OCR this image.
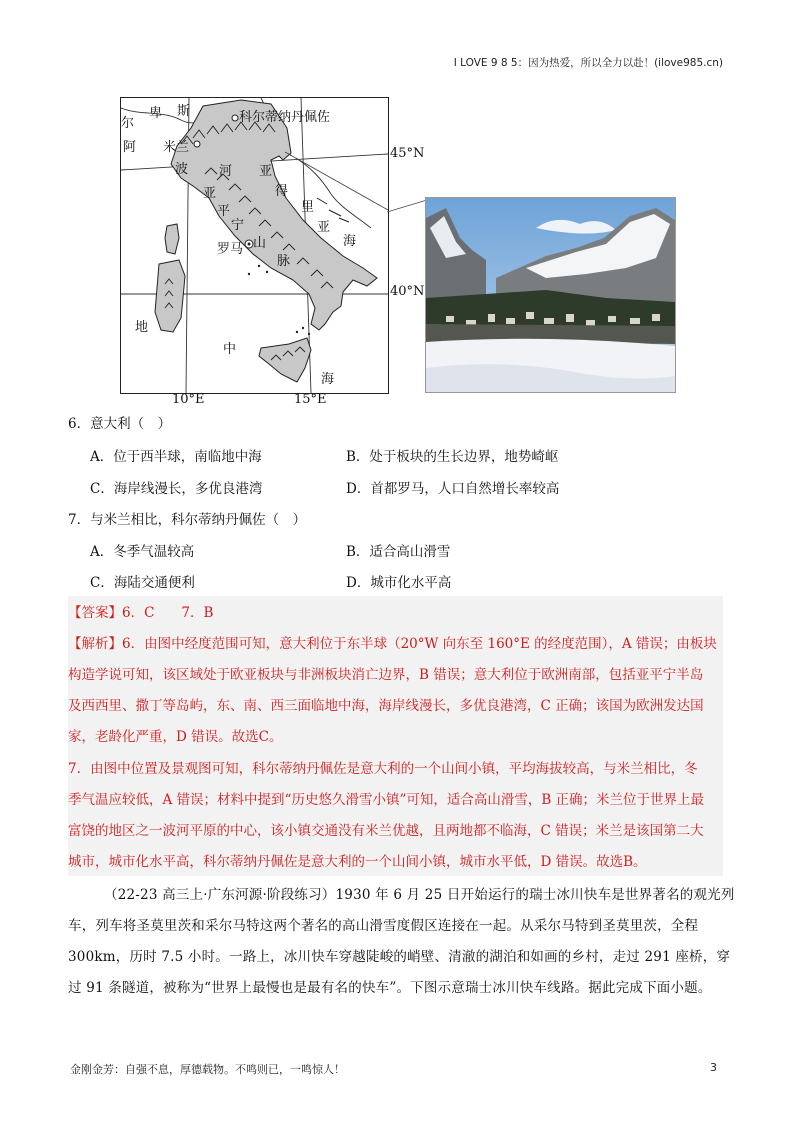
I LOVE 9 8 5：因为热爱，所以全力以赴！(ilove985.cn)
科尔蒂纳丹佩佐
米兰
罗马
尔
卑 斯
阿
波 河
亚
平
宁
山
脉
亚
得
里
亚
海
地
中
海
45°N
40°N
10°E	15°E
6．意大利（　）
A．位于西半球，南临地中海	B．处于板块的生长边界，地势崎岖
C．海岸线漫长，多优良港湾	D．首都罗马，人口自然增长率较高
7．与米兰相比，科尔蒂纳丹佩佐（　）
A．冬季气温较高	B．适合高山滑雪
C．海陆交通便利	D．城市化水平高
【答案】6．C　　7．B
【解析】6．由图中经度范围可知，意大利位于东半球（20°W 向东至 160°E 的经度范围），A 错误；由板块
构造学说可知，该区域处于欧亚板块与非洲板块消亡边界，B 错误；意大利位于欧洲南部，包括亚平宁半岛
及西西里、撒丁等岛屿，东、南、西三面临地中海，海岸线漫长，多优良港湾，C 正确；该国为欧洲发达国
家，老龄化严重，D 错误。故选C。
7．由图中位置及景观图可知，科尔蒂纳丹佩佐是意大利的一个山间小镇，平均海拔较高，与米兰相比，冬
季气温应较低，A 错误；材料中提到“历史悠久滑雪小镇”可知，适合高山滑雪，B 正确；米兰位于世界上最
富饶的地区之一波河平原的中心，该小镇交通没有米兰优越，且两地都不临海，C 错误；米兰是该国第二大
城市，城市化水平高，科尔蒂纳丹佩佐是意大利的一个山间小镇，城市水平低，D 错误。故选B。
（22-23 高三上·广东河源·阶段练习）1930 年 6 月 25 日开始运行的瑞士冰川快车是世界著名的观光列
车，列车将圣莫里茨和采尔马特这两个著名的高山滑雪度假区连接在一起。从采尔马特到圣莫里茨，全程
300km，历时 7.5 小时。一路上，冰川快车穿越陡峻的峭壁、清澈的湖泊和如画的乡村，走过 291 座桥，穿
过 91 条隧道，被称为“世界上最慢也是最有名的快车”。下图示意瑞士冰川快车线路。据此完成下面小题。
金刚金芳：自强不息，厚德载物。不鸣则已，一鸣惊人！	3
